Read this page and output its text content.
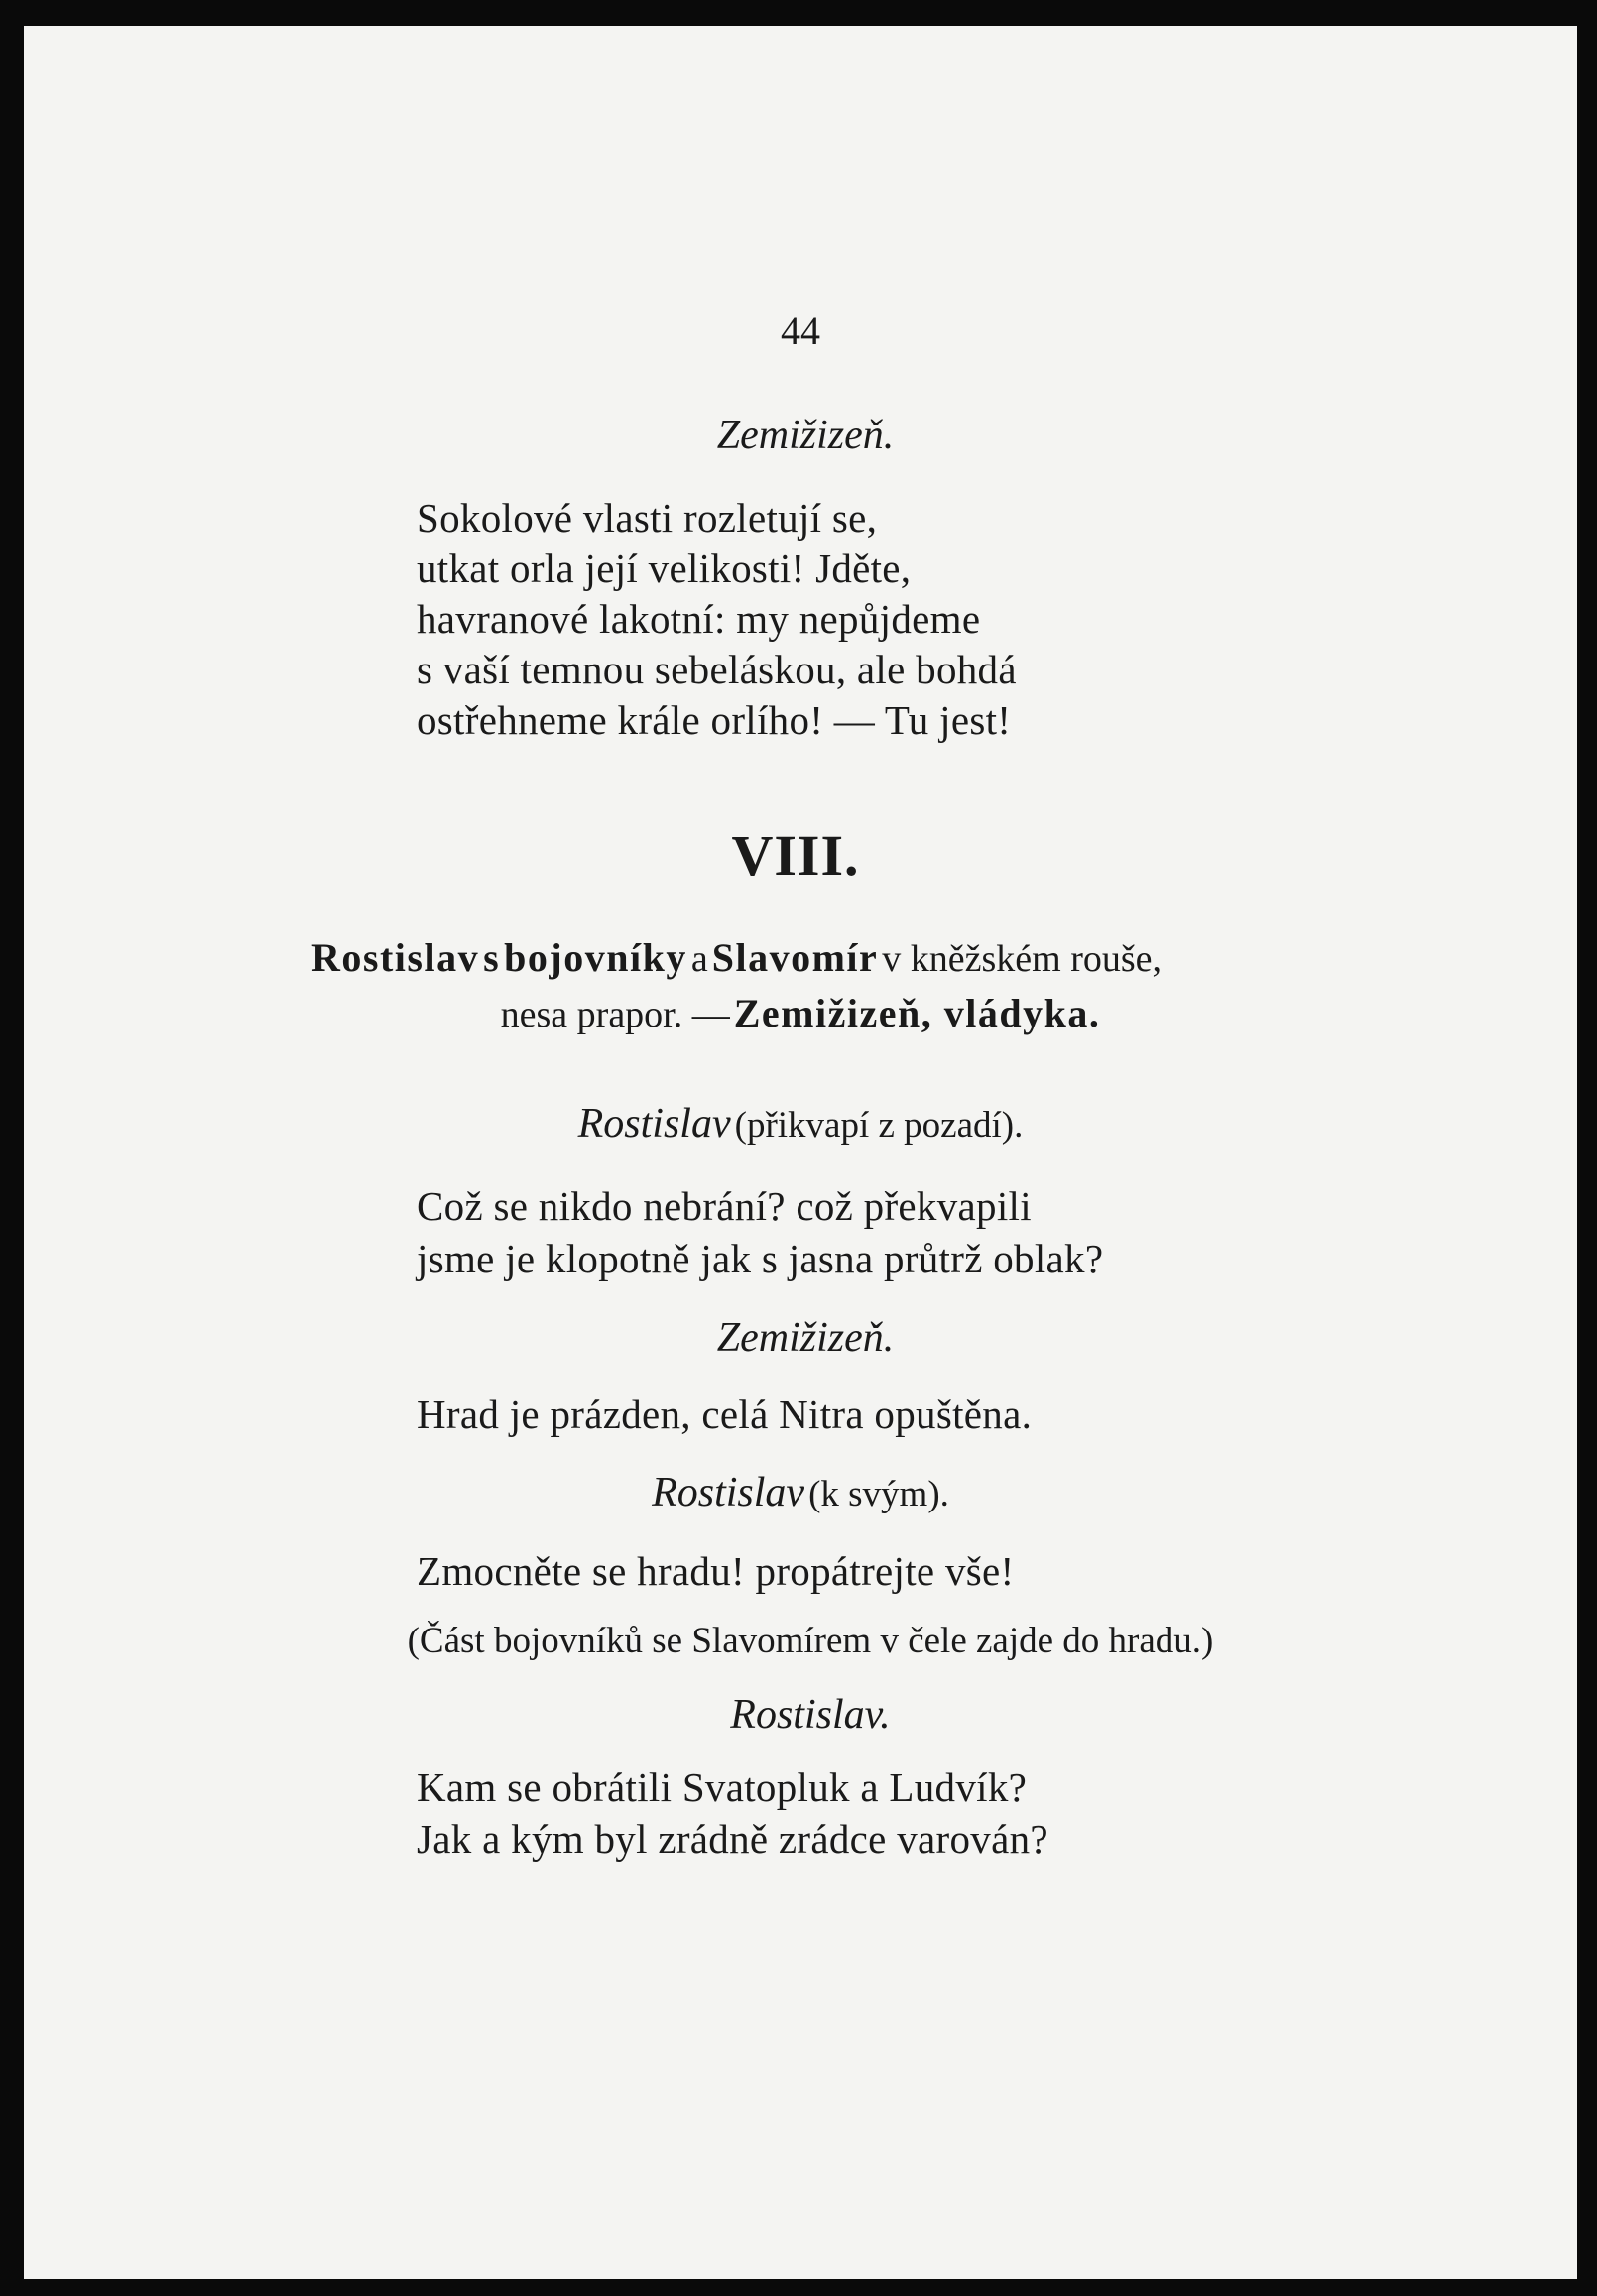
44
Zemižizeň.
Sokolové vlasti rozletují se,
utkat orla její velikosti! Jděte,
havranové lakotní: my nepůjdeme
s vaší temnou sebeláskou, ale bohdá
ostřehneme krále orlího! — Tu jest!
VIII.
Rostislav s bojovníky a Slavomír v kněžském rouše,
nesa prapor. — Zemižizeň, vládyka.
Rostislav (přikvapí z pozadí).
Což se nikdo nebrání? což překvapili
jsme je klopotně jak s jasna průtrž oblak?
Zemižizeň.
Hrad je prázden, celá Nitra opuštěna.
Rostislav (k svým).
Zmocněte se hradu! propátrejte vše!
(Část bojovníků se Slavomírem v čele zajde do hradu.)
Rostislav.
Kam se obrátili Svatopluk a Ludvík?
Jak a kým byl zrádně zrádce varován?
